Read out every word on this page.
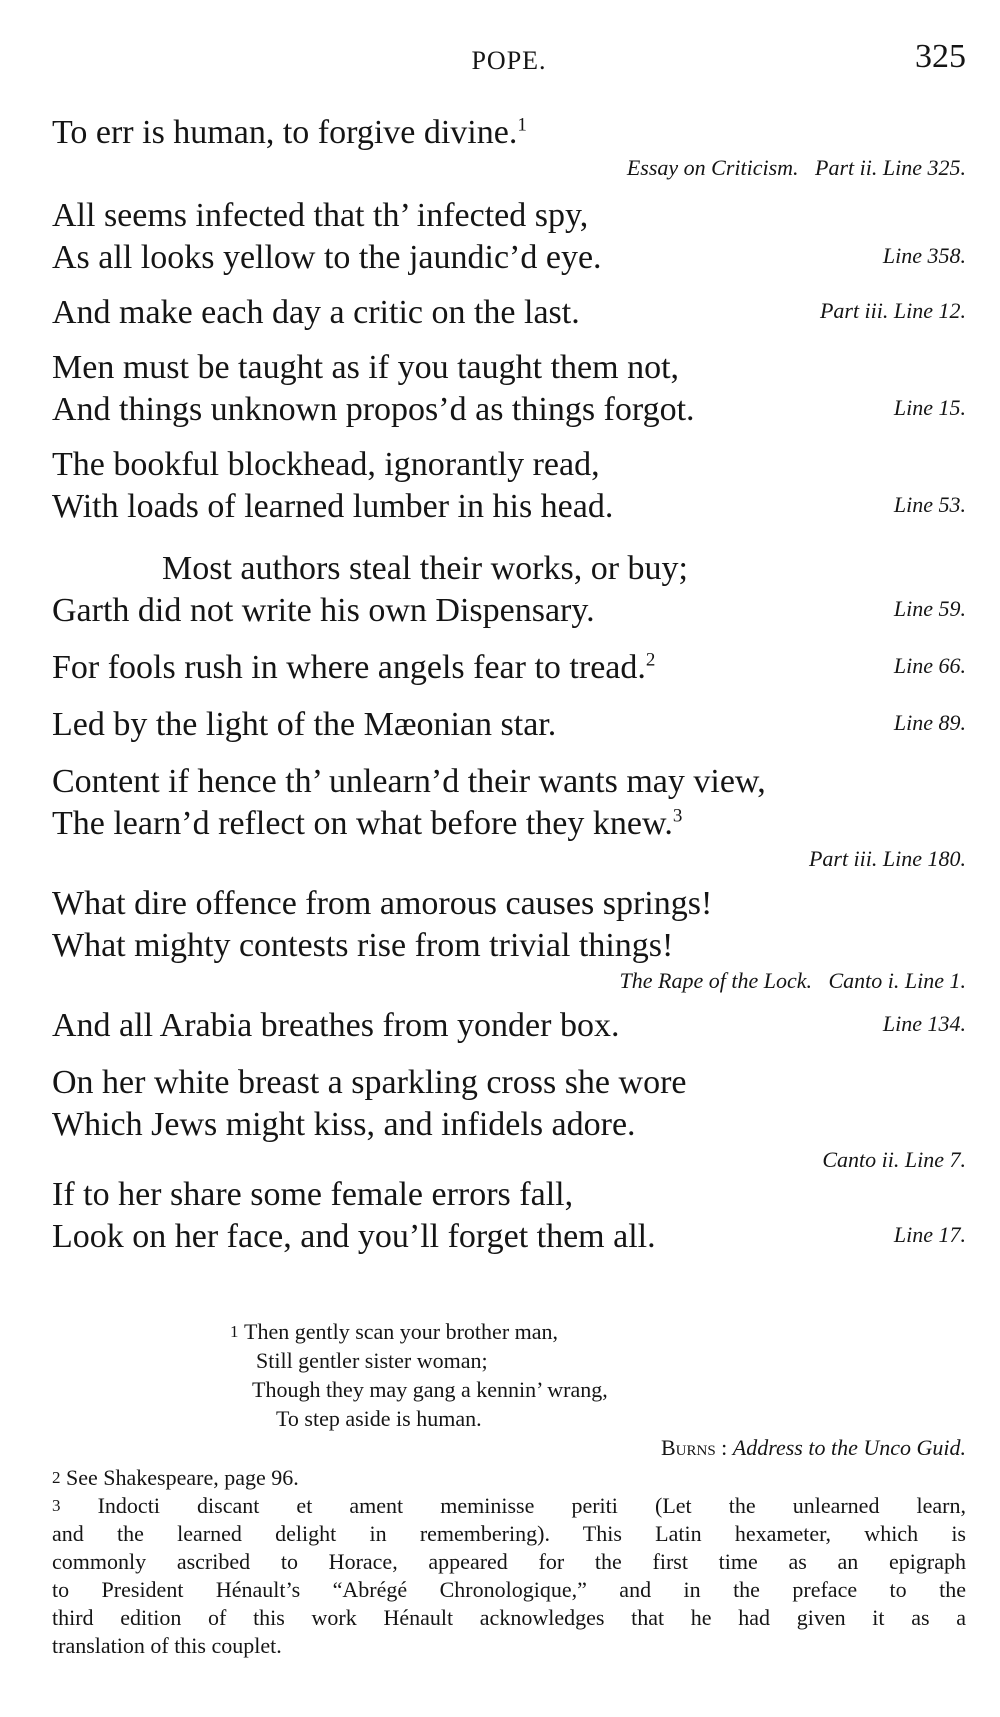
POPE.	325
To err is human, to forgive divine.$^1$
Essay on Criticism.   Part ii. Line 325.
All seems infected that th’ infected spy,
As all looks yellow to the jaundic’d eye.	Line 358.
And make each day a critic on the last.	Part iii. Line 12.
Men must be taught as if you taught them not,
And things unknown propos’d as things forgot.	Line 15.
The bookful blockhead, ignorantly read,
With loads of learned lumber in his head.	Line 53.
Most authors steal their works, or buy;
Garth did not write his own Dispensary.	Line 59.
For fools rush in where angels fear to tread.$^2$	Line 66.
Led by the light of the Mæonian star.	Line 89.
Content if hence th’ unlearn’d their wants may view,
The learn’d reflect on what before they knew.$^3$
Part iii. Line 180.
What dire offence from amorous causes springs!
What mighty contests rise from trivial things!
The Rape of the Lock.   Canto i. Line 1.
And all Arabia breathes from yonder box.	Line 134.
On her white breast a sparkling cross she wore
Which Jews might kiss, and infidels adore.
Canto ii. Line 7.
If to her share some female errors fall,
Look on her face, and you’ll forget them all.	Line 17.
$^1$ Then gently scan your brother man,
Still gentler sister woman;
Though they may gang a kennin’ wrang,
To step aside is human.
Burns : Address to the Unco Guid.
$^2$ See Shakespeare, page 96.
$^3$ Indocti discant et ament meminisse periti (Let the unlearned learn,
and the learned delight in remembering). This Latin hexameter, which is
commonly ascribed to Horace, appeared for the first time as an epigraph
to President Hénault’s “Abrégé Chronologique,” and in the preface to the
third edition of this work Hénault acknowledges that he had given it as a
translation of this couplet.
